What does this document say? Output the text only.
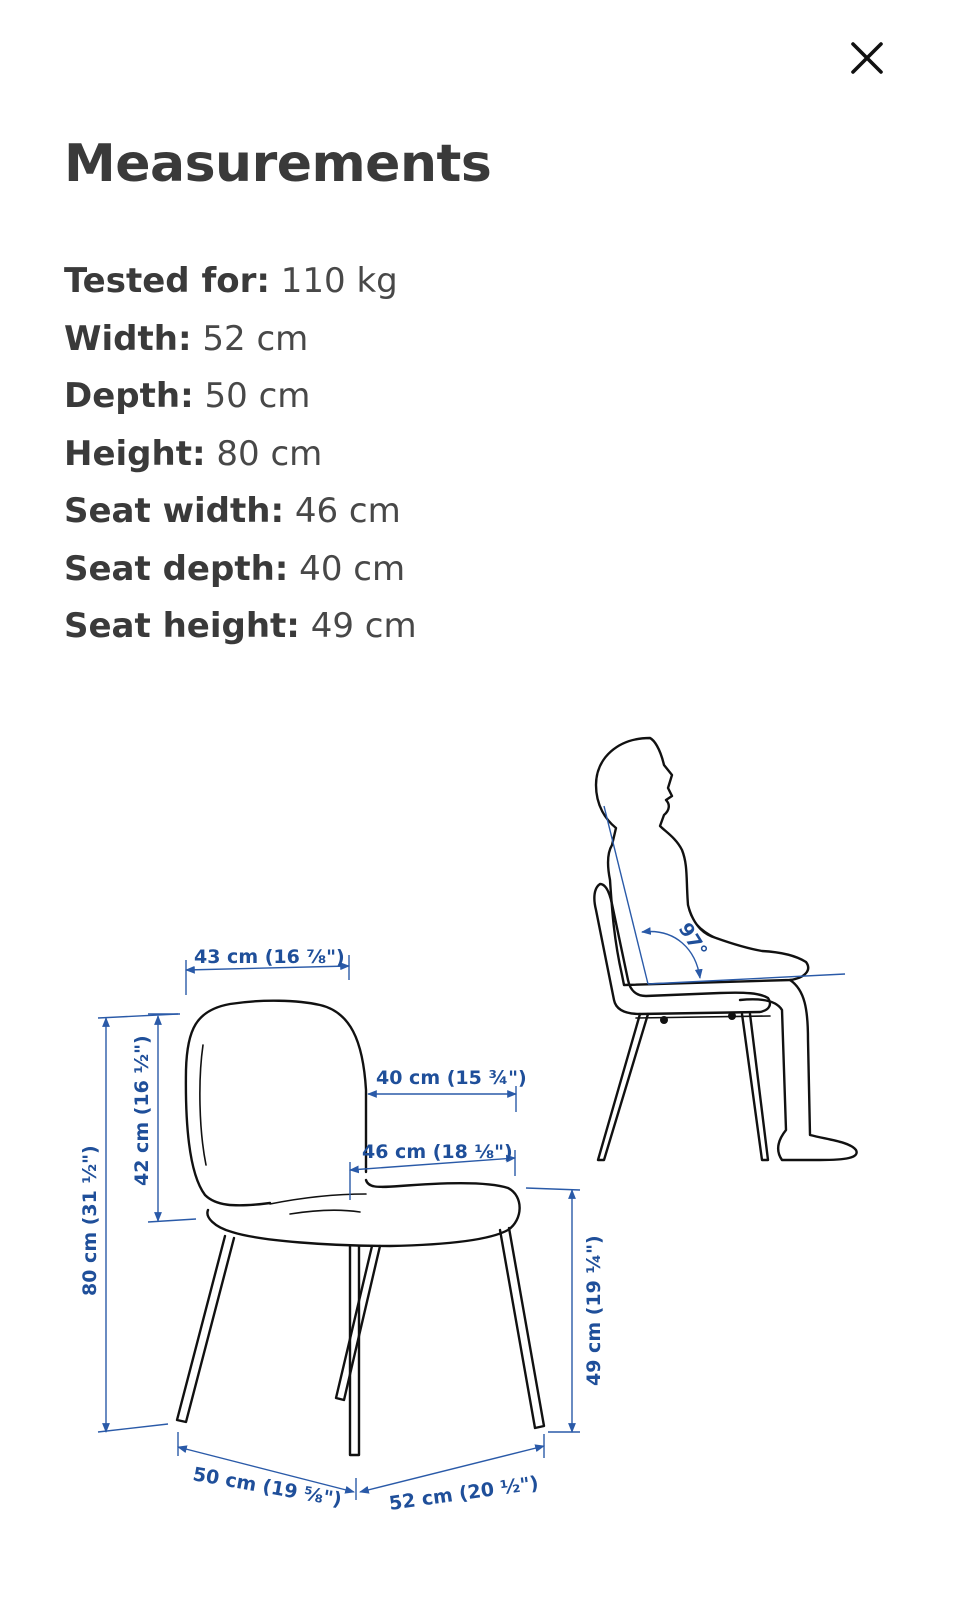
Measurements
Tested for: 110 kg
Width: 52 cm
Depth: 50 cm
Height: 80 cm
Seat width: 46 cm
Seat depth: 40 cm
Seat height: 49 cm
97°
43 cm (16 ⅞")
42 cm (16 ½")
80 cm (31 ½")
40 cm (15 ¾")
46 cm (18 ⅛")
49 cm (19 ¼")
50 cm (19 ⅝") 52 cm (20 ½")
